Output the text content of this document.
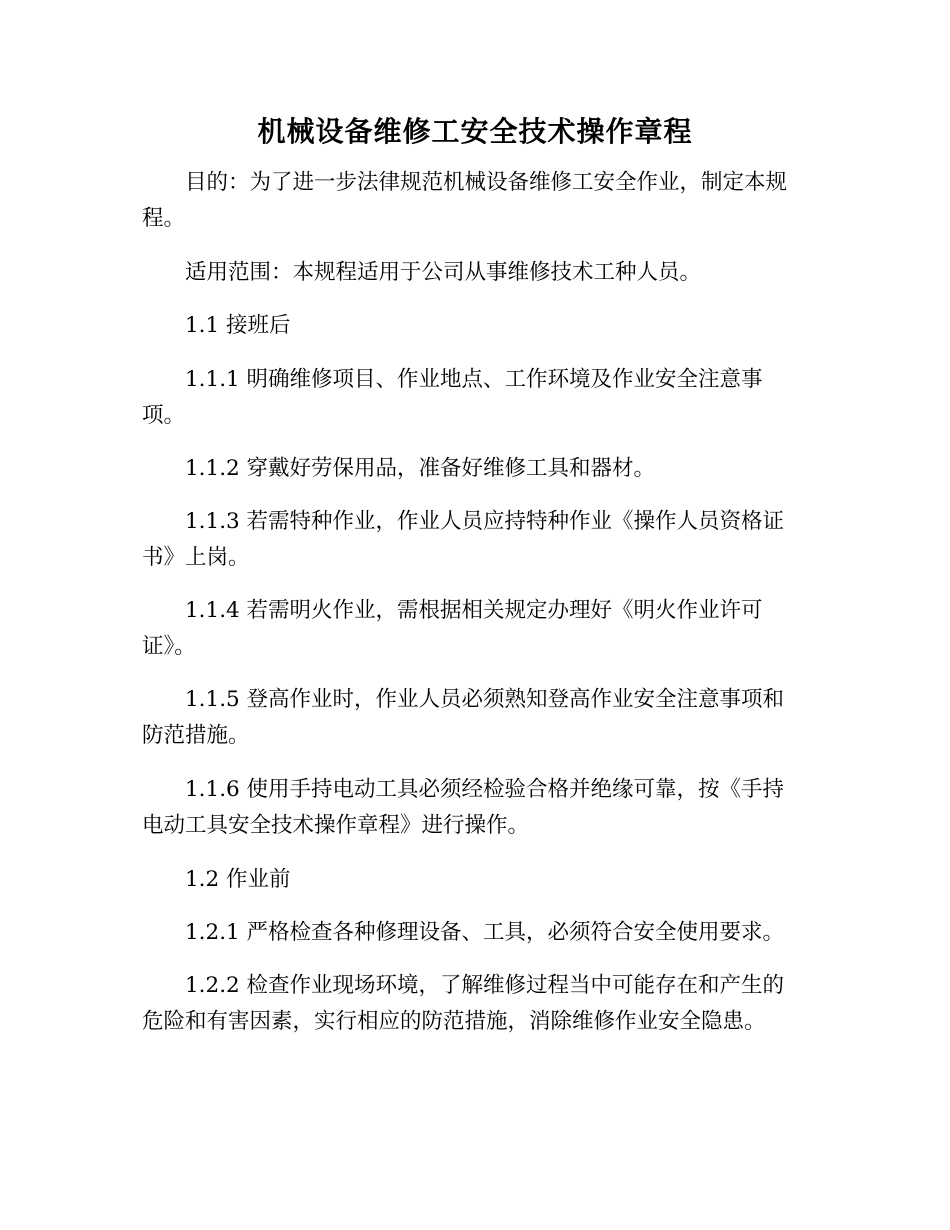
机械设备维修工安全技术操作章程

目的：为了进一步法律规范机械设备维修工安全作业，制定本规程。

适用范围：本规程适用于公司从事维修技术工种人员。

1.1 接班后

1.1.1 明确维修项目、作业地点、工作环境及作业安全注意事项。

1.1.2 穿戴好劳保用品，准备好维修工具和器材。

1.1.3 若需特种作业，作业人员应持特种作业《操作人员资格证书》上岗。

1.1.4 若需明火作业，需根据相关规定办理好《明火作业许可证》。

1.1.5 登高作业时，作业人员必须熟知登高作业安全注意事项和防范措施。

1.1.6 使用手持电动工具必须经检验合格并绝缘可靠，按《手持电动工具安全技术操作章程》进行操作。

1.2 作业前

1.2.1 严格检查各种修理设备、工具，必须符合安全使用要求。

1.2.2 检查作业现场环境，了解维修过程当中可能存在和产生的危险和有害因素，实行相应的防范措施，消除维修作业安全隐患。
